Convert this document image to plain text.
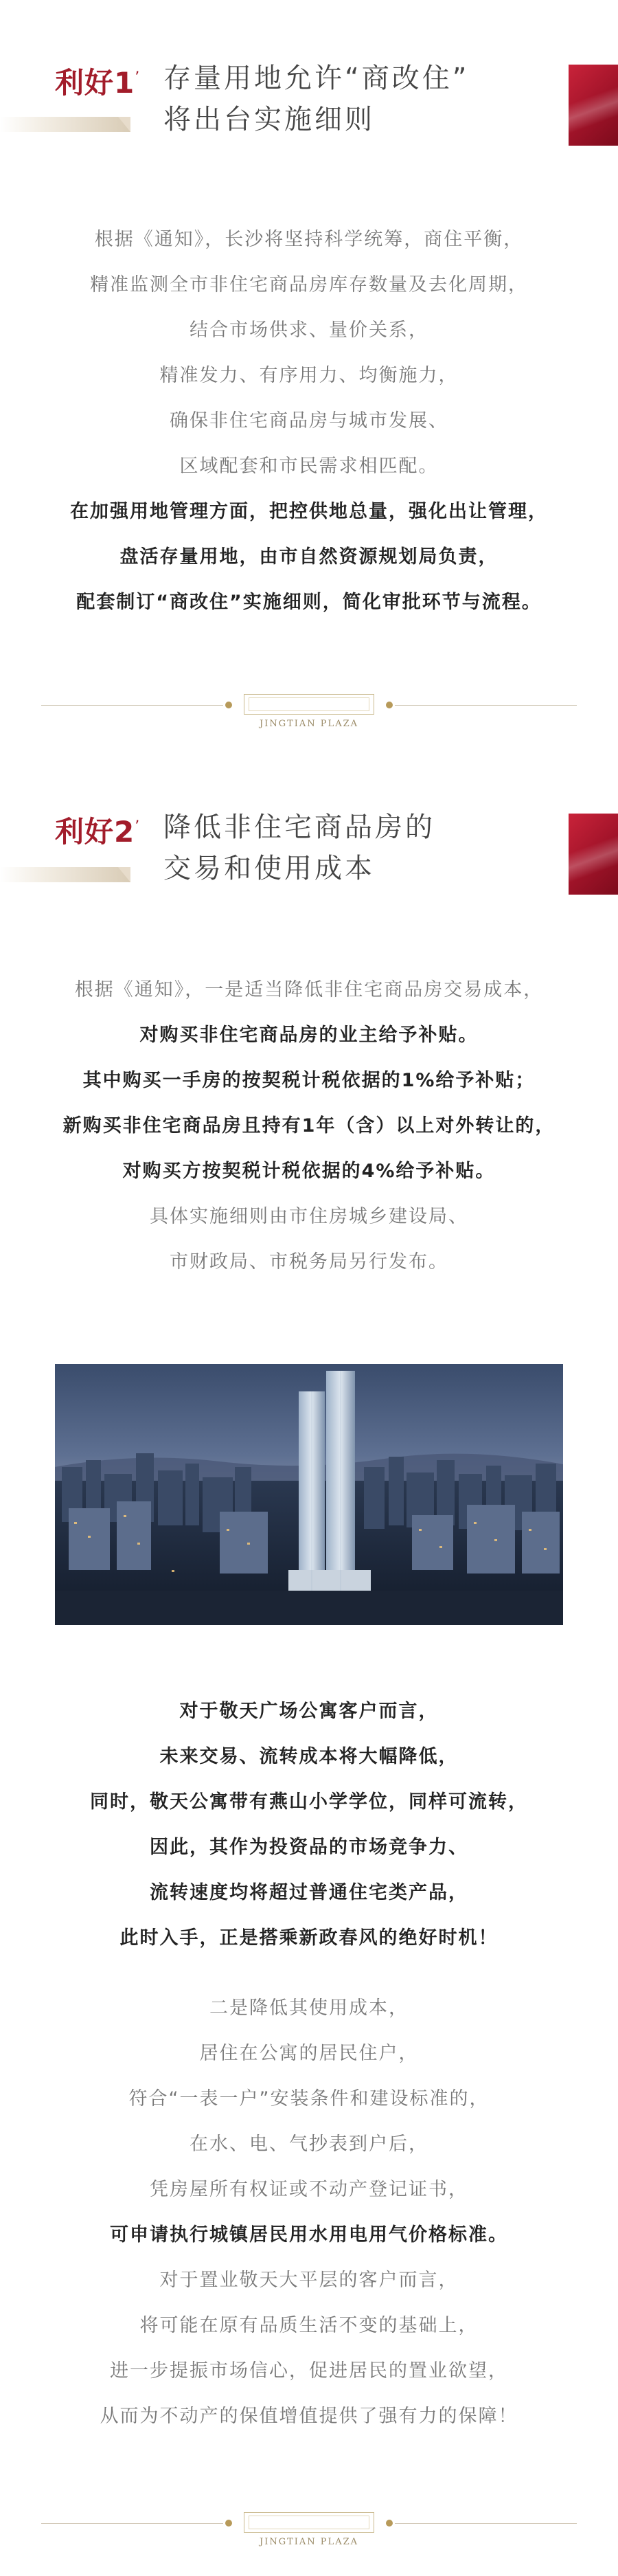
利好1’ 存量用地允许“商改住”
将出台实施细则
根据《通知》，长沙将坚持科学统筹，商住平衡，
精准监测全市非住宅商品房库存数量及去化周期，
结合市场供求、量价关系，
精准发力、有序用力、均衡施力，
确保非住宅商品房与城市发展、
区域配套和市民需求相匹配。
在加强用地管理方面，把控供地总量，强化出让管理，
盘活存量用地，由市自然资源规划局负责，
配套制订“商改住”实施细则，简化审批环节与流程。
JINGTIAN PLAZA
利好2’ 降低非住宅商品房的
交易和使用成本
根据《通知》，一是适当降低非住宅商品房交易成本，
对购买非住宅商品房的业主给予补贴。
其中购买一手房的按契税计税依据的1%给予补贴；
新购买非住宅商品房且持有1年（含）以上对外转让的，
对购买方按契税计税依据的4%给予补贴。
具体实施细则由市住房城乡建设局、
市财政局、市税务局另行发布。
对于敬天广场公寓客户而言，
未来交易、流转成本将大幅降低，
同时，敬天公寓带有燕山小学学位，同样可流转，
因此，其作为投资品的市场竞争力、
流转速度均将超过普通住宅类产品，
此时入手，正是搭乘新政春风的绝好时机！
二是降低其使用成本，
居住在公寓的居民住户，
符合“一表一户”安装条件和建设标准的，
在水、电、气抄表到户后，
凭房屋所有权证或不动产登记证书，
可申请执行城镇居民用水用电用气价格标准。
对于置业敬天大平层的客户而言，
将可能在原有品质生活不变的基础上，
进一步提振市场信心，促进居民的置业欲望，
从而为不动产的保值增值提供了强有力的保障！
JINGTIAN PLAZA
